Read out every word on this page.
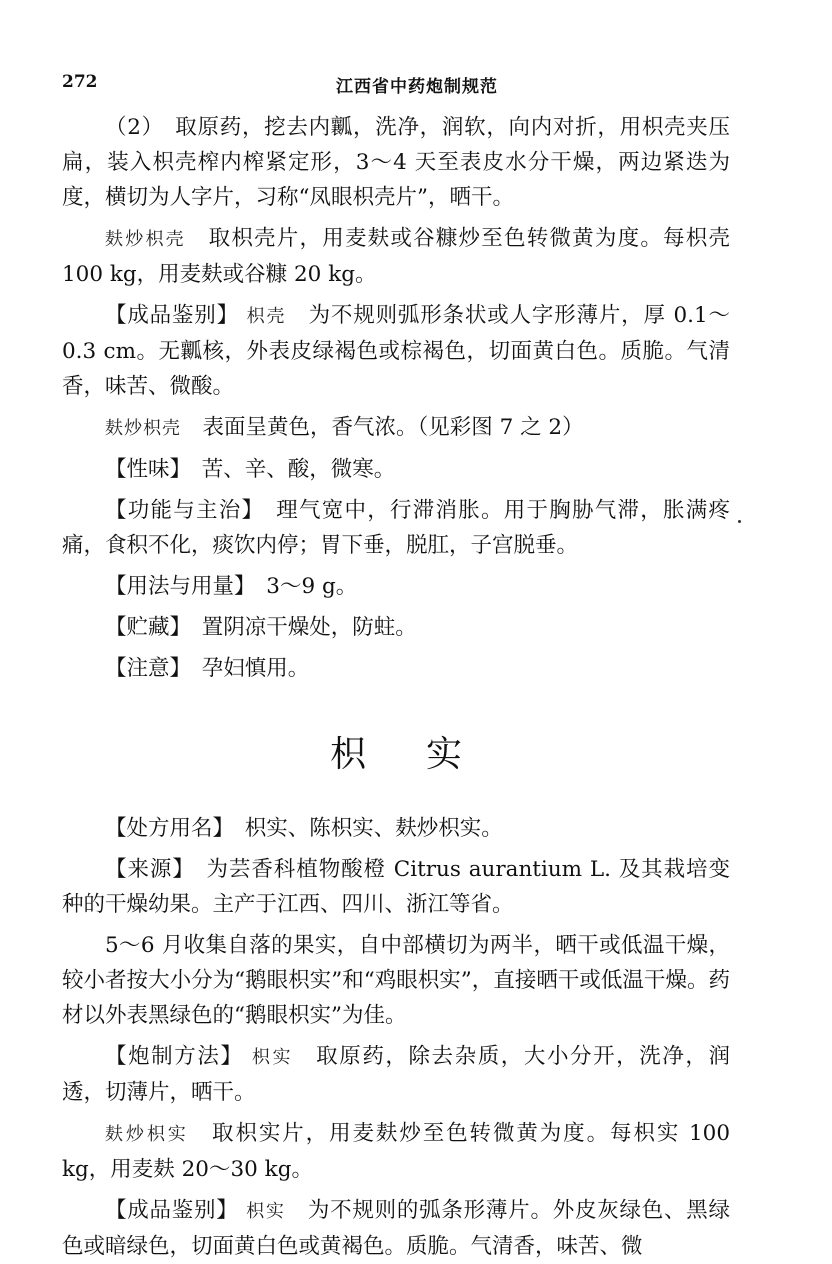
272	江西省中药炮制规范

（2）　取原药，挖去内瓤，洗净，润软，向内对折，用枳壳夹压扁，装入枳壳榨内榨紧定形，3～4 天至表皮水分干燥，两边紧迭为度，横切为人字片，习称“凤眼枳壳片”，晒干。

麸炒枳壳　取枳壳片，用麦麸或谷糠炒至色转微黄为度。每枳壳 100 kg，用麦麸或谷糠 20 kg。

【成品鉴别】 枳壳　为不规则弧形条状或人字形薄片，厚 0.1～0.3 cm。无瓤核，外表皮绿褐色或棕褐色，切面黄白色。质脆。气清香，味苦、微酸。

麸炒枳壳　表面呈黄色，香气浓。（见彩图 7 之 2）

【性味】　苦、辛、酸，微寒。

【功能与主治】　理气宽中，行滞消胀。用于胸胁气滞，胀满疼痛，食积不化，痰饮内停；胃下垂，脱肛，子宫脱垂。

【用法与用量】　3～9 g。

【贮藏】　置阴凉干燥处，防蛀。

【注意】　孕妇慎用。

枳实

【处方用名】　枳实、陈枳实、麸炒枳实。

【来源】　为芸香科植物酸橙 Citrus aurantium L. 及其栽培变种的干燥幼果。主产于江西、四川、浙江等省。

5～6 月收集自落的果实，自中部横切为两半，晒干或低温干燥，较小者按大小分为“鹅眼枳实”和“鸡眼枳实”，直接晒干或低温干燥。药材以外表黑绿色的“鹅眼枳实”为佳。

【炮制方法】 枳实　取原药，除去杂质，大小分开，洗净，润透，切薄片，晒干。

麸炒枳实　取枳实片，用麦麸炒至色转微黄为度。每枳实 100 kg，用麦麸 20～30 kg。

【成品鉴别】 枳实　为不规则的弧条形薄片。外皮灰绿色、黑绿色或暗绿色，切面黄白色或黄褐色。质脆。气清香，味苦、微
